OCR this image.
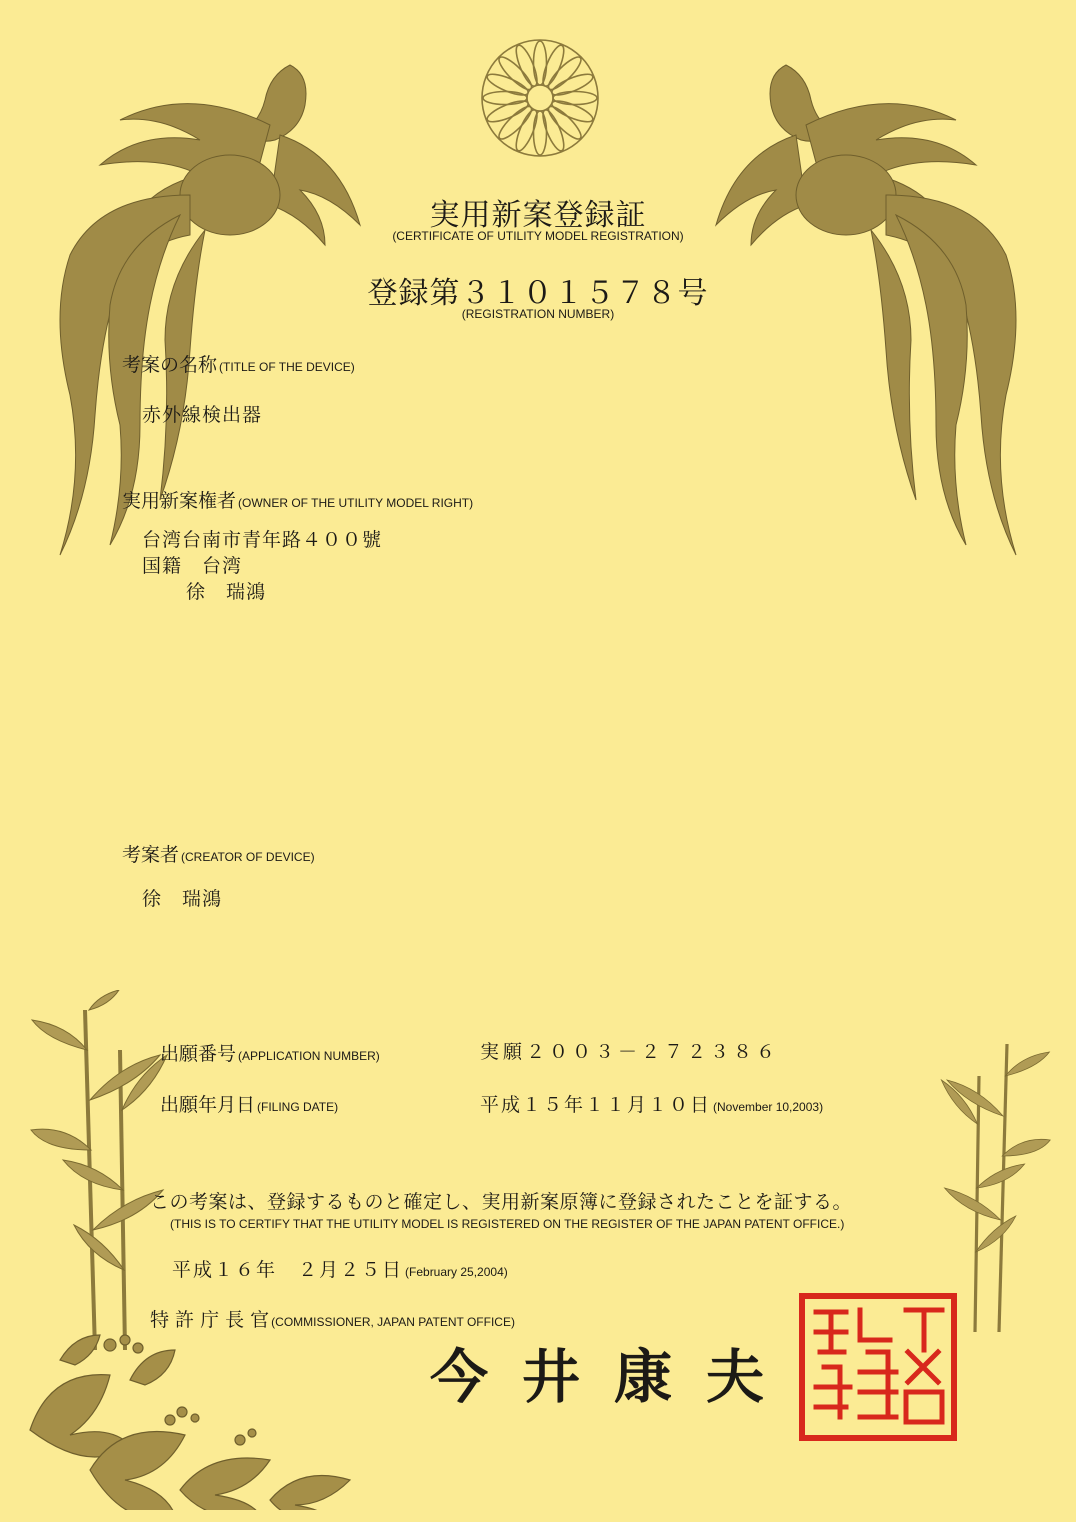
実用新案登録証
(CERTIFICATE OF UTILITY MODEL REGISTRATION)
登録第３１０１５７８号
(REGISTRATION NUMBER)
考案の名称 (TITLE OF THE DEVICE)
赤外線検出器
実用新案権者 (OWNER OF THE UTILITY MODEL RIGHT)
台湾台南市青年路４００號
国籍　台湾
徐　瑞鴻
考案者 (CREATOR OF DEVICE)
徐　瑞鴻
出願番号 (APPLICATION NUMBER)	実願２００３－２７２３８６
出願年月日 (FILING DATE)	平成１５年１１月１０日 (November 10,2003)
この考案は、登録するものと確定し、実用新案原簿に登録されたことを証する。
(THIS IS TO CERTIFY THAT THE UTILITY MODEL IS REGISTERED ON THE REGISTER OF THE JAPAN PATENT OFFICE.)
平成１６年　２月２５日 (February 25,2004)
特 許 庁 長 官 (COMMISSIONER, JAPAN PATENT OFFICE)
今井康夫
